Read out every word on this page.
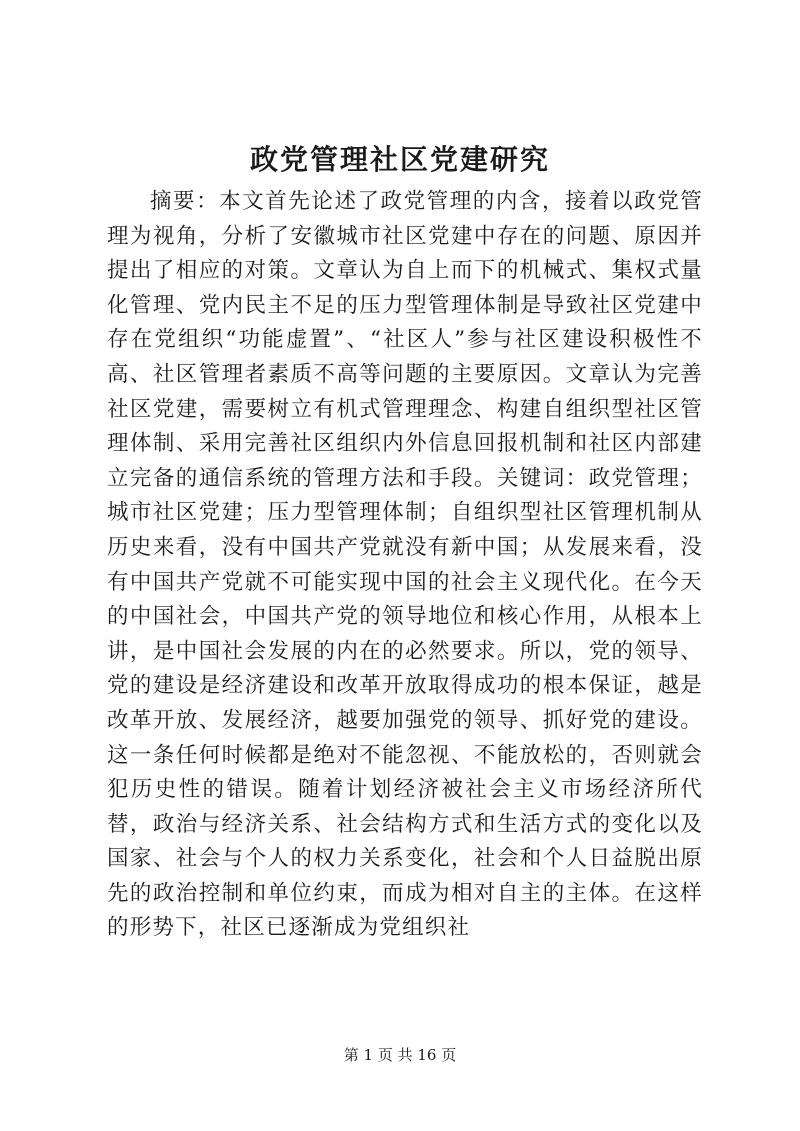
政党管理社区党建研究

摘要：本文首先论述了政党管理的内含，接着以政党管理为视角，分析了安徽城市社区党建中存在的问题、原因并提出了相应的对策。文章认为自上而下的机械式、集权式量化管理、党内民主不足的压力型管理体制是导致社区党建中存在党组织“功能虚置”、“社区人”参与社区建设积极性不高、社区管理者素质不高等问题的主要原因。文章认为完善社区党建，需要树立有机式管理理念、构建自组织型社区管理体制、采用完善社区组织内外信息回报机制和社区内部建立完备的通信系统的管理方法和手段。关键词：政党管理；城市社区党建；压力型管理体制；自组织型社区管理机制从历史来看，没有中国共产党就没有新中国；从发展来看，没有中国共产党就不可能实现中国的社会主义现代化。在今天的中国社会，中国共产党的领导地位和核心作用，从根本上讲，是中国社会发展的内在的必然要求。所以，党的领导、党的建设是经济建设和改革开放取得成功的根本保证，越是改革开放、发展经济，越要加强党的领导、抓好党的建设。这一条任何时候都是绝对不能忽视、不能放松的，否则就会犯历史性的错误。随着计划经济被社会主义市场经济所代替，政治与经济关系、社会结构方式和生活方式的变化以及国家、社会与个人的权力关系变化，社会和个人日益脱出原先的政治控制和单位约束，而成为相对自主的主体。在这样的形势下，社区已逐渐成为党组织社

第 1 页 共 16 页
